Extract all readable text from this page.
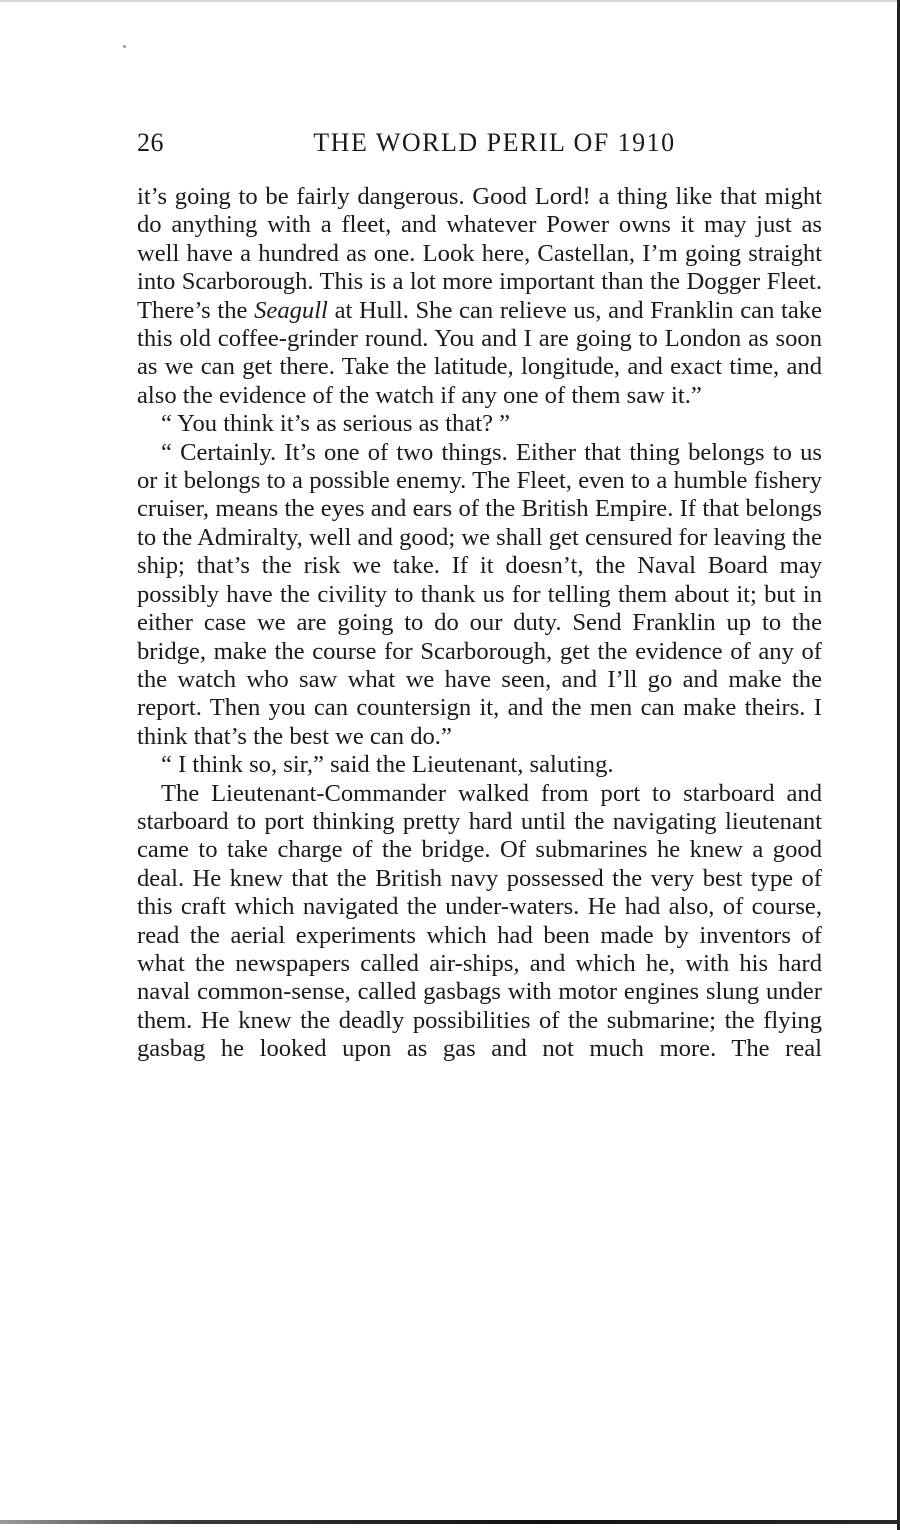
26	THE WORLD PERIL OF 1910

it’s going to be fairly dangerous. Good Lord! a thing like that might do anything with a fleet, and whatever Power owns it may just as well have a hundred as one. Look here, Castellan, I’m going straight into Scarborough. This is a lot more important than the Dogger Fleet. There’s the Seagull at Hull. She can relieve us, and Franklin can take this old coffee-grinder round. You and I are going to London as soon as we can get there. Take the latitude, longitude, and exact time, and also the evidence of the watch if any one of them saw it.”

“ You think it’s as serious as that? ”

“ Certainly. It’s one of two things. Either that thing belongs to us or it belongs to a possible enemy. The Fleet, even to a humble fishery cruiser, means the eyes and ears of the British Empire. If that belongs to the Admiralty, well and good; we shall get censured for leaving the ship; that’s the risk we take. If it doesn’t, the Naval Board may possibly have the civility to thank us for telling them about it; but in either case we are going to do our duty. Send Franklin up to the bridge, make the course for Scarborough, get the evidence of any of the watch who saw what we have seen, and I’ll go and make the report. Then you can countersign it, and the men can make theirs. I think that’s the best we can do.”

“ I think so, sir,” said the Lieutenant, saluting.

The Lieutenant-Commander walked from port to starboard and starboard to port thinking pretty hard until the navigating lieutenant came to take charge of the bridge. Of submarines he knew a good deal. He knew that the British navy possessed the very best type of this craft which navigated the under-waters. He had also, of course, read the aerial experiments which had been made by inventors of what the newspapers called air-ships, and which he, with his hard naval common-sense, called gasbags with motor engines slung under them. He knew the deadly possibilities of the submarine; the flying gasbag he looked upon as gas and not much more. The real
